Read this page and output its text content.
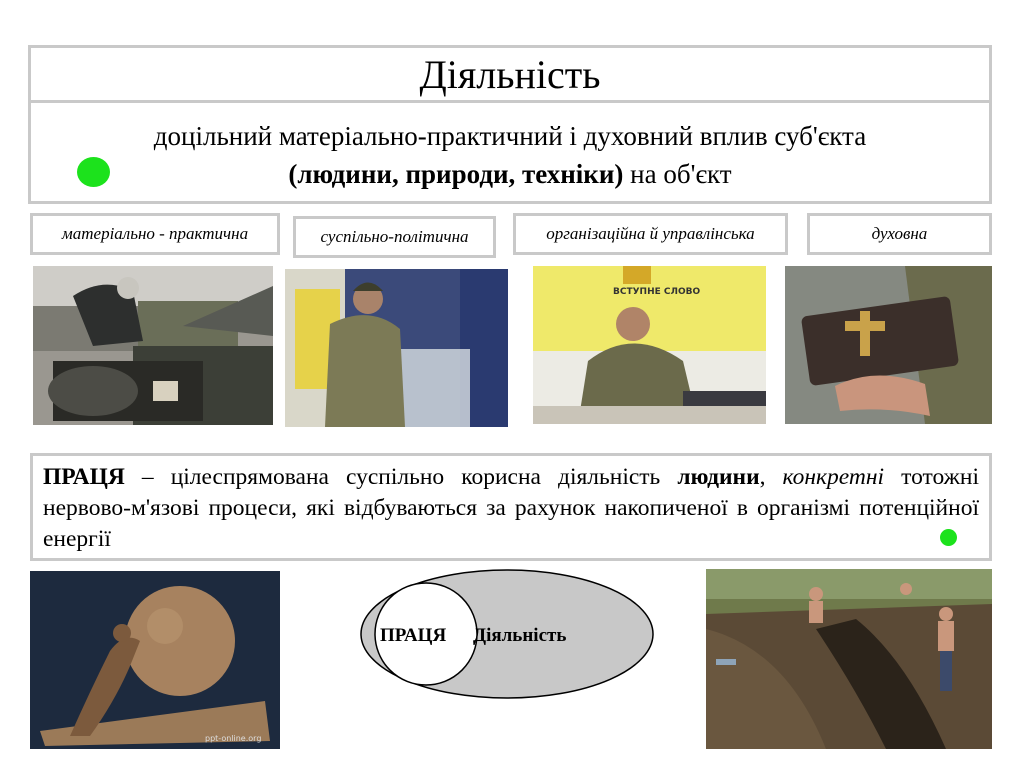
Діяльність
доцільний матеріально-практичний і духовний вплив суб'єкта
(людини, природи, техніки) на об'єкт
матеріально - практична	суспільно-політична	організаційна й управлінська	духовна
ВСТУПНЕ СЛОВО
ПРАЦЯ – цілеспрямована суспільно корисна діяльність людини, конкретні тотожні нервово-м'язові процеси, які відбуваються за рахунок накопиченої в організмі потенційної енергії
ppt-online.org
ПРАЦЯ Діяльність
